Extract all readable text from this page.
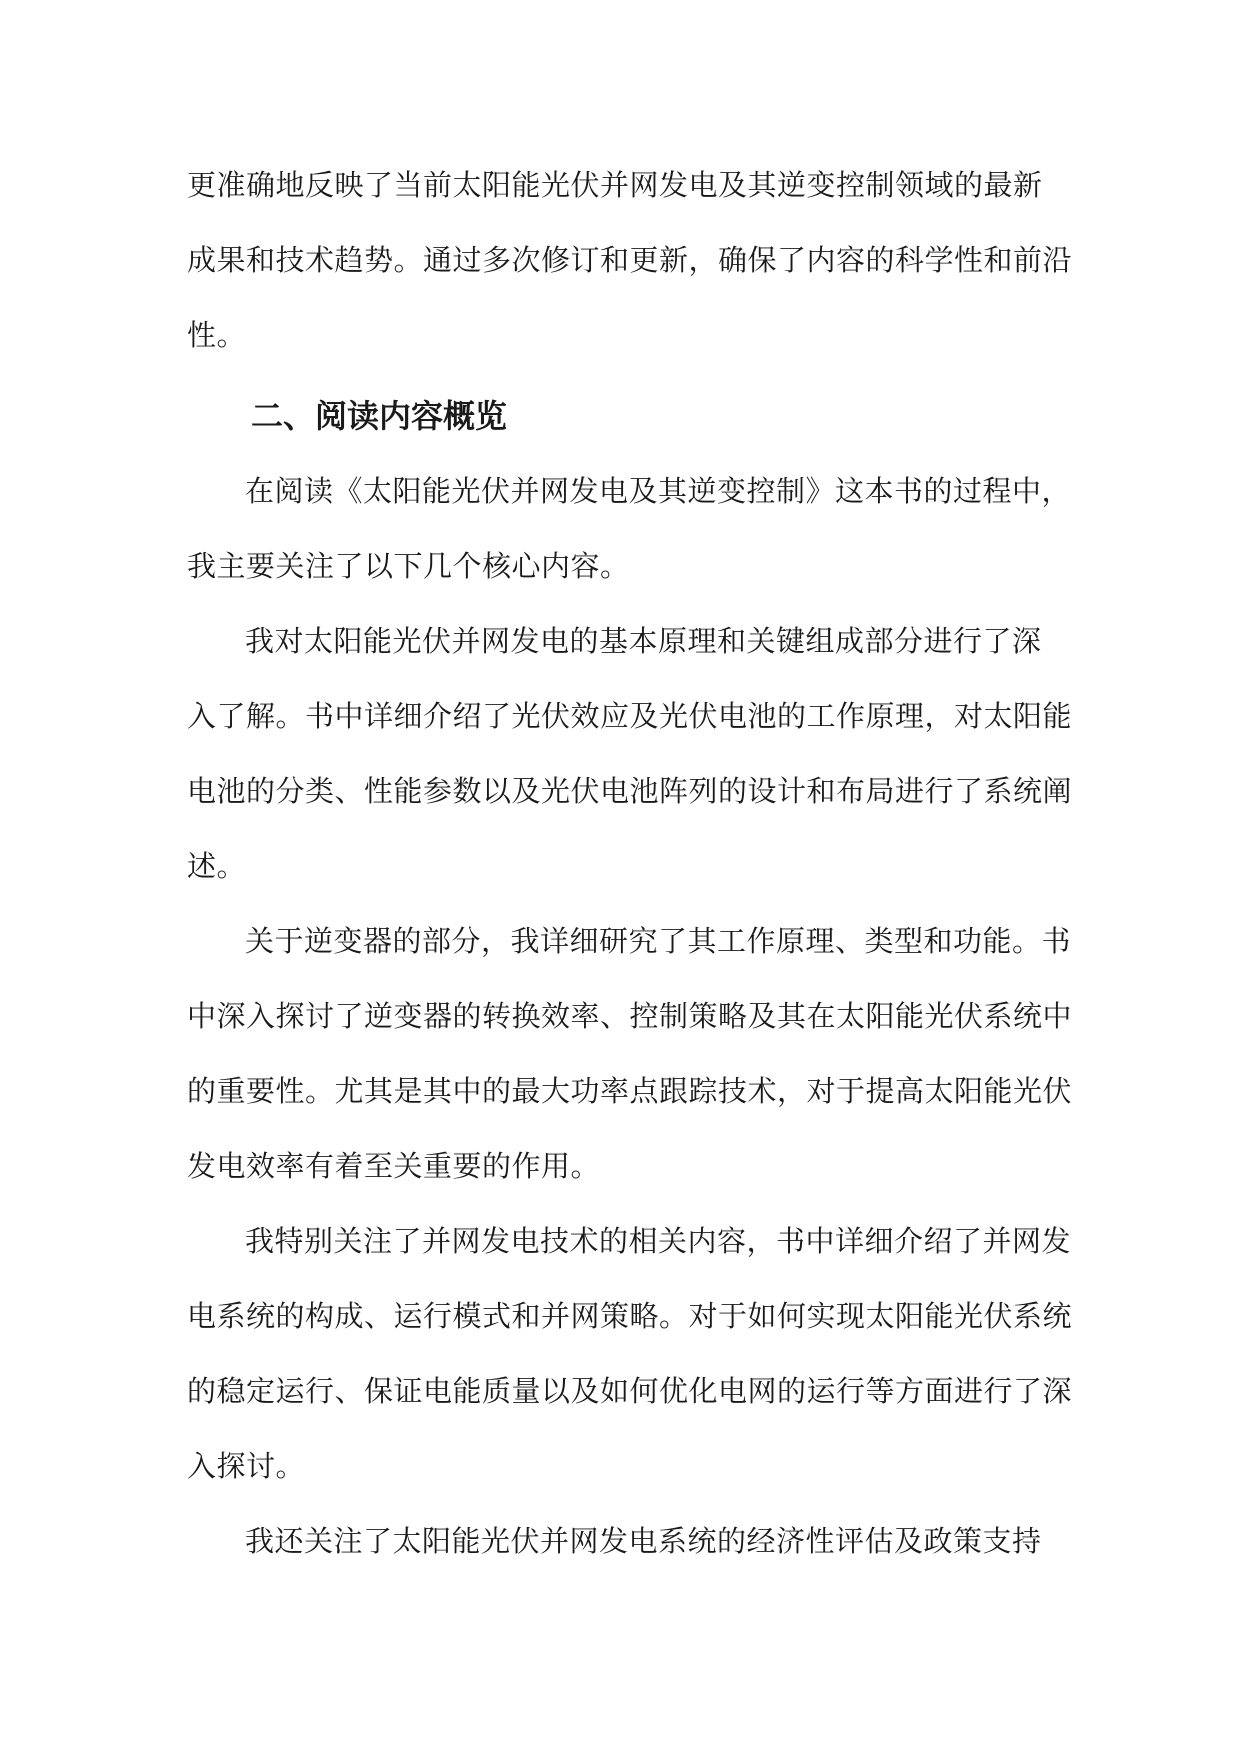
更准确地反映了当前太阳能光伏并网发电及其逆变控制领域的最新
成果和技术趋势。通过多次修订和更新，确保了内容的科学性和前沿
性。
二、阅读内容概览
在阅读《太阳能光伏并网发电及其逆变控制》这本书的过程中，
我主要关注了以下几个核心内容。
我对太阳能光伏并网发电的基本原理和关键组成部分进行了深
入了解。书中详细介绍了光伏效应及光伏电池的工作原理，对太阳能
电池的分类、性能参数以及光伏电池阵列的设计和布局进行了系统阐
述。
关于逆变器的部分，我详细研究了其工作原理、类型和功能。书
中深入探讨了逆变器的转换效率、控制策略及其在太阳能光伏系统中
的重要性。尤其是其中的最大功率点跟踪技术，对于提高太阳能光伏
发电效率有着至关重要的作用。
我特别关注了并网发电技术的相关内容，书中详细介绍了并网发
电系统的构成、运行模式和并网策略。对于如何实现太阳能光伏系统
的稳定运行、保证电能质量以及如何优化电网的运行等方面进行了深
入探讨。
我还关注了太阳能光伏并网发电系统的经济性评估及政策支持
